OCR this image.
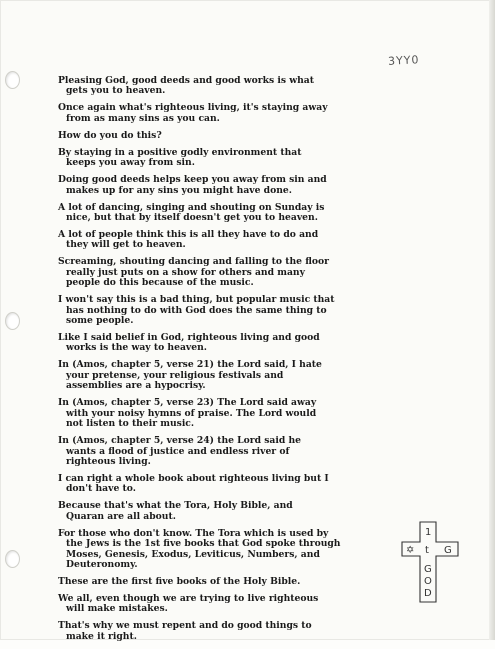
3YY0
Pleasing God, good deeds and good works is what
gets you to heaven.
Once again what's righteous living, it's staying away
from as many sins as you can.
How do you do this?
By staying in a positive godly environment that
keeps you away from sin.
Doing good deeds helps keep you away from sin and
makes up for any sins you might have done.
A lot of dancing, singing and shouting on Sunday is
nice, but that by itself doesn't get you to heaven.
A lot of people think this is all they have to do and
they will get to heaven.
Screaming, shouting dancing and falling to the floor
really just puts on a show for others and many
people do this because of the music.
I won't say this is a bad thing, but popular music that
has nothing to do with God does the same thing to
some people.
Like I said belief in God, righteous living and good
works is the way to heaven.
In (Amos, chapter 5, verse 21) the Lord said, I hate
your pretense, your religious festivals and
assemblies are a hypocrisy.
In (Amos, chapter 5, verse 23) The Lord said away
with your noisy hymns of praise. The Lord would
not listen to their music.
In (Amos, chapter 5, verse 24) the Lord said he
wants a flood of justice and endless river of
righteous living.
I can right a whole book about righteous living but I
don't have to.
Because that's what the Tora, Holy Bible, and
Quaran are all about.
For those who don't know. The Tora which is used by
the Jews is the 1st five books that God spoke through
Moses, Genesis, Exodus, Leviticus, Numbers, and
Deuteronomy.
These are the first five books of the Holy Bible.
We all, even though we are trying to live righteous
will make mistakes.
That's why we must repent and do good things to
make it right.
1
✡	G
t
G
O
D
